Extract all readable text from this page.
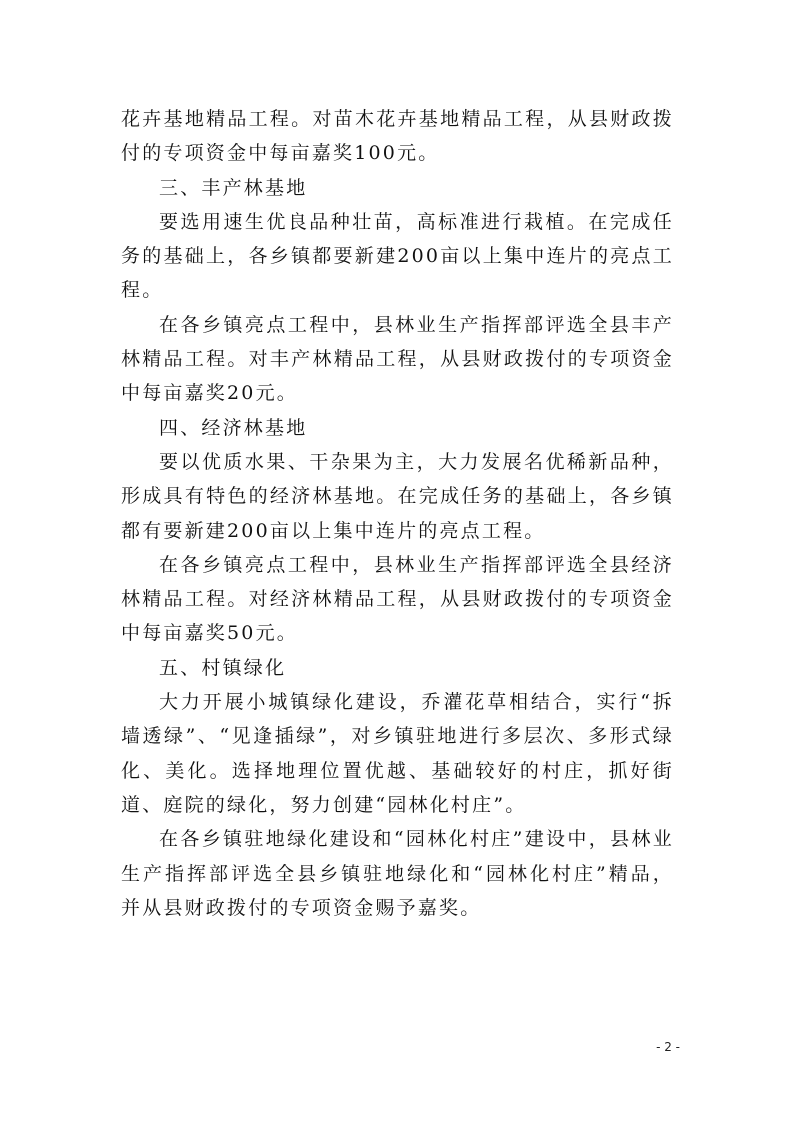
花卉基地精品工程。对苗木花卉基地精品工程，从县财政拨付的专项资金中每亩嘉奖100元。

三、丰产林基地

要选用速生优良品种壮苗，高标准进行栽植。在完成任务的基础上，各乡镇都要新建200亩以上集中连片的亮点工程。

在各乡镇亮点工程中，县林业生产指挥部评选全县丰产林精品工程。对丰产林精品工程，从县财政拨付的专项资金中每亩嘉奖20元。

四、经济林基地

要以优质水果、干杂果为主，大力发展名优稀新品种，形成具有特色的经济林基地。在完成任务的基础上，各乡镇都有要新建200亩以上集中连片的亮点工程。

在各乡镇亮点工程中，县林业生产指挥部评选全县经济林精品工程。对经济林精品工程，从县财政拨付的专项资金中每亩嘉奖50元。

五、村镇绿化

大力开展小城镇绿化建设，乔灌花草相结合，实行“拆墙透绿”、“见逢插绿”，对乡镇驻地进行多层次、多形式绿化、美化。选择地理位置优越、基础较好的村庄，抓好街道、庭院的绿化，努力创建“园林化村庄”。

在各乡镇驻地绿化建设和“园林化村庄”建设中，县林业生产指挥部评选全县乡镇驻地绿化和“园林化村庄”精品，并从县财政拨付的专项资金赐予嘉奖。

- 2 -
